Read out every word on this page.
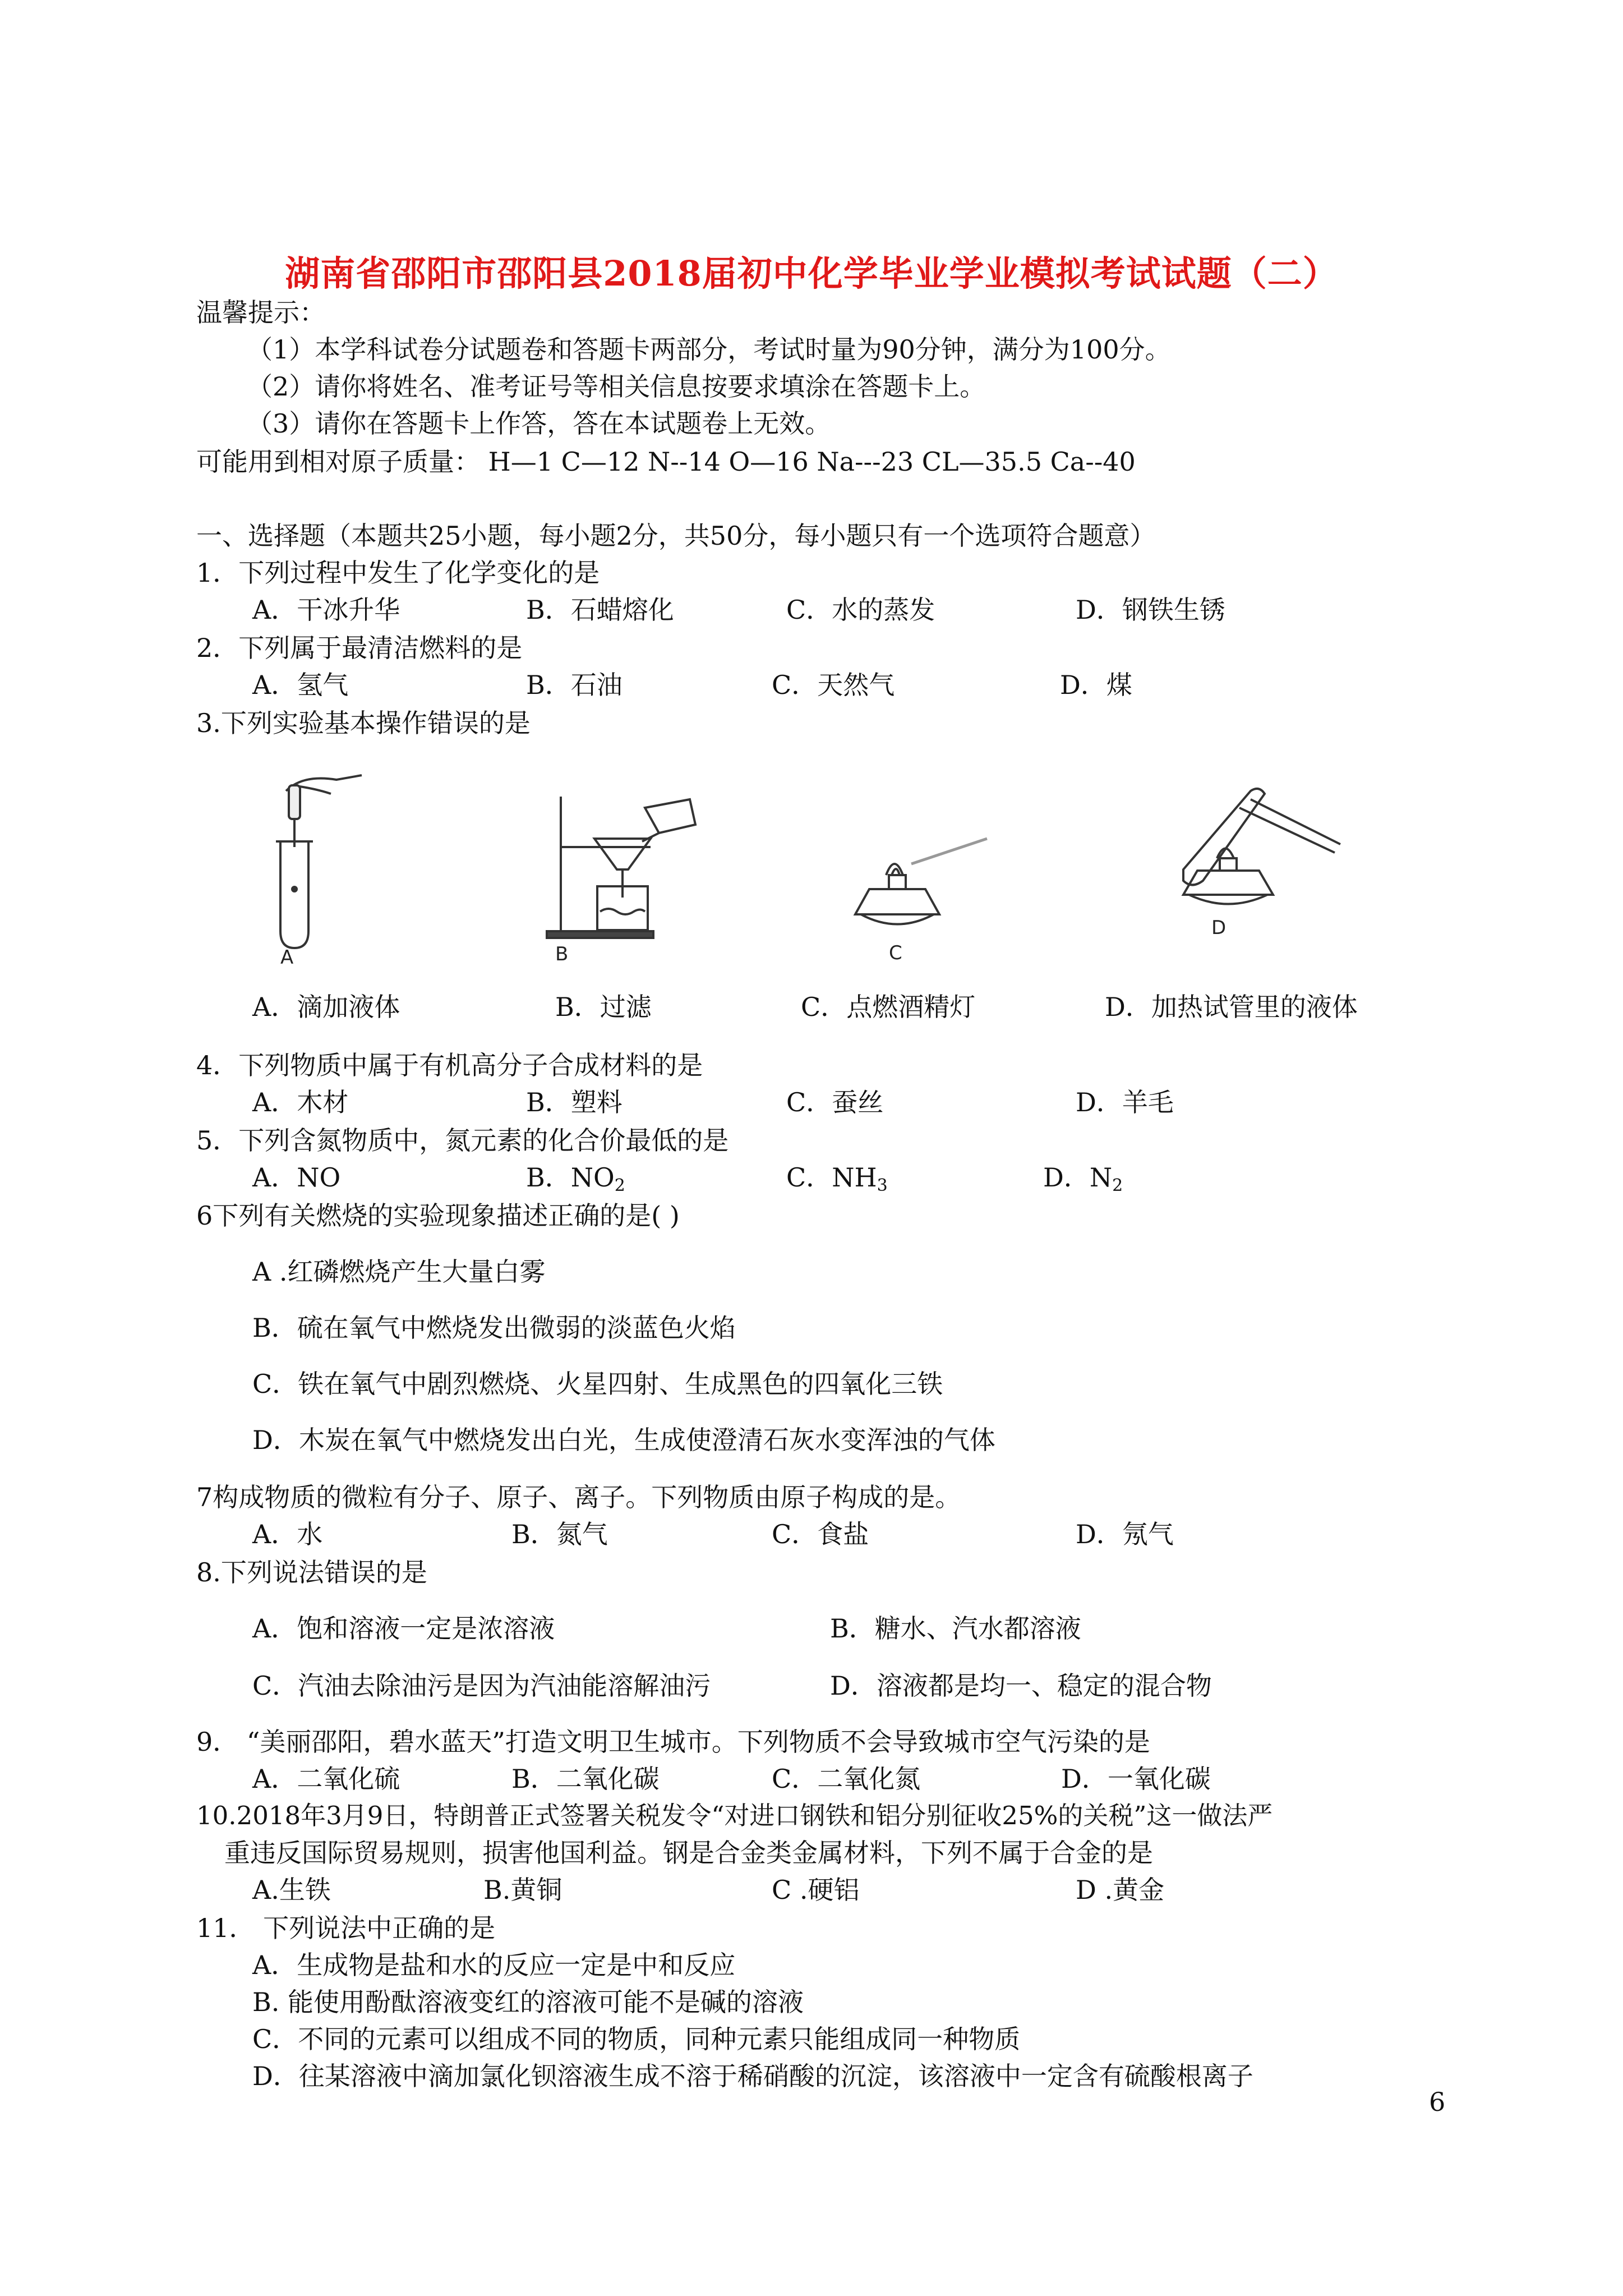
湖南省邵阳市邵阳县2018届初中化学毕业学业模拟考试试题（二）
温馨提示：
（1）本学科试卷分试题卷和答题卡两部分，考试时量为90分钟，满分为100分。
（2）请你将姓名、准考证号等相关信息按要求填涂在答题卡上。
（3）请你在答题卡上作答，答在本试题卷上无效。
可能用到相对原子质量： H—1 C—12 N--14 O—16 Na---23 CL—35.5 Ca--40
一、选择题（本题共25小题，每小题2分，共50分，每小题只有一个选项符合题意）
1．下列过程中发生了化学变化的是
A．干冰升华	B．石蜡熔化	C．水的蒸发	D．钢铁生锈
2．下列属于最清洁燃料的是
A．氢气	B．石油	C．天然气	D．煤
3.下列实验基本操作错误的是
A	B	C
D
A．滴加液体	B．过滤	C．点燃酒精灯	D．加热试管里的液体
4．下列物质中属于有机高分子合成材料的是
A．木材	B．塑料	C．蚕丝	D．羊毛
5．下列含氮物质中，氮元素的化合价最低的是
A．NO	B．$NO_2$	C．$NH_3$	D．$N_2$
6下列有关燃烧的实验现象描述正确的是( )
A .红磷燃烧产生大量白雾
B．硫在氧气中燃烧发出微弱的淡蓝色火焰
C．铁在氧气中剧烈燃烧、火星四射、生成黑色的四氧化三铁
D．木炭在氧气中燃烧发出白光，生成使澄清石灰水变浑浊的气体
7构成物质的微粒有分子、原子、离子。下列物质由原子构成的是。
A．水	B．氮气	C．食盐	D．氖气
8.下列说法错误的是
A．饱和溶液一定是浓溶液	B．糖水、汽水都溶液
C．汽油去除油污是因为汽油能溶解油污	D．溶液都是均一、稳定的混合物
9． “美丽邵阳，碧水蓝天”打造文明卫生城市。下列物质不会导致城市空气污染的是
A．二氧化硫	B．二氧化碳	C．二氧化氮	D．一氧化碳
10.2018年3月9日，特朗普正式签署关税发令“对进口钢铁和铝分别征收25%的关税”这一做法严
重违反国际贸易规则，损害他国利益。钢是合金类金属材料，下列不属于合金的是
A.生铁	B.黄铜	C .硬铝	D .黄金
11． 下列说法中正确的是
A．生成物是盐和水的反应一定是中和反应
B. 能使用酚酞溶液变红的溶液可能不是碱的溶液
C．不同的元素可以组成不同的物质，同种元素只能组成同一种物质
D．往某溶液中滴加氯化钡溶液生成不溶于稀硝酸的沉淀，该溶液中一定含有硫酸根离子
6
